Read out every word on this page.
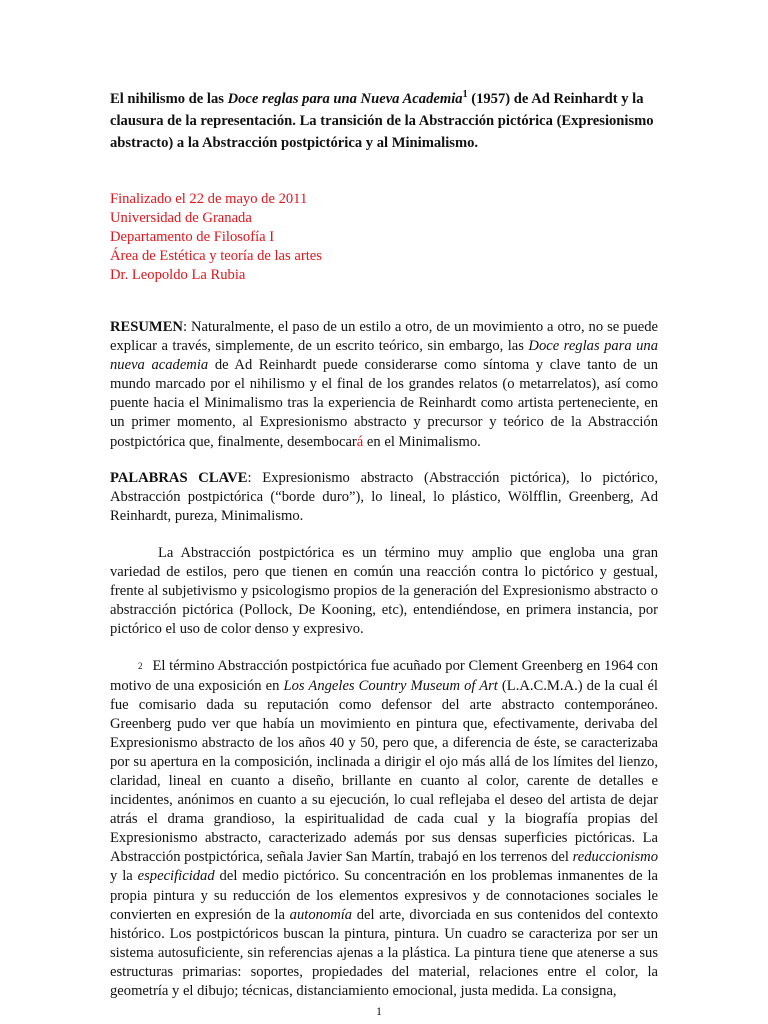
El nihilismo de las Doce reglas para una Nueva Academia$^1$ (1957) de Ad Reinhardt y la clausura de la representación. La transición de la Abstracción pictórica (Expresionismo abstracto) a la Abstracción postpictórica y al Minimalismo.
Finalizado el 22 de mayo de 2011
Universidad de Granada
Departamento de Filosofía I
Área de Estética y teoría de las artes
Dr. Leopoldo La Rubia

RESUMEN: Naturalmente, el paso de un estilo a otro, de un movimiento a otro, no se puede explicar a través, simplemente, de un escrito teórico, sin embargo, las Doce reglas para una nueva academia de Ad Reinhardt puede considerarse como síntoma y clave tanto de un mundo marcado por el nihilismo y el final de los grandes relatos (o metarrelatos), así como puente hacia el Minimalismo tras la experiencia de Reinhardt como artista perteneciente, en un primer momento, al Expresionismo abstracto y precursor y teórico de la Abstracción postpictórica que, finalmente, desembocará en el Minimalismo.

PALABRAS CLAVE: Expresionismo abstracto (Abstracción pictórica), lo pictórico, Abstracción postpictórica (“borde duro”), lo lineal, lo plástico, Wölfflin, Greenberg, Ad Reinhardt, pureza, Minimalismo.

La Abstracción postpictórica es un término muy amplio que engloba una gran variedad de estilos, pero que tienen en común una reacción contra lo pictórico y gestual, frente al subjetivismo y psicologismo propios de la generación del Expresionismo abstracto o abstracción pictórica (Pollock, De Kooning, etc), entendiéndose, en primera instancia, por pictórico el uso de color denso y expresivo.

2 El término Abstracción postpictórica fue acuñado por Clement Greenberg en 1964 con motivo de una exposición en Los Angeles Country Museum of Art (L.A.C.M.A.) de la cual él fue comisario dada su reputación como defensor del arte abstracto contemporáneo. Greenberg pudo ver que había un movimiento en pintura que, efectivamente, derivaba del Expresionismo abstracto de los años 40 y 50, pero que, a diferencia de éste, se caracterizaba por su apertura en la composición, inclinada a dirigir el ojo más allá de los límites del lienzo, claridad, lineal en cuanto a diseño, brillante en cuanto al color, carente de detalles e incidentes, anónimos en cuanto a su ejecución, lo cual reflejaba el deseo del artista de dejar atrás el drama grandioso, la espiritualidad de cada cual y la biografía propias del Expresionismo abstracto, caracterizado además por sus densas superficies pictóricas. La Abstracción postpictórica, señala Javier San Martín, trabajó en los terrenos del reduccionismo y la especificidad del medio pictórico. Su concentración en los problemas inmanentes de la propia pintura y su reducción de los elementos expresivos y de connotaciones sociales le convierten en expresión de la autonomía del arte, divorciada en sus contenidos del contexto histórico. Los postpictóricos buscan la pintura, pintura. Un cuadro se caracteriza por ser un sistema autosuficiente, sin referencias ajenas a la plástica. La pintura tiene que atenerse a sus estructuras primarias: soportes, propiedades del material, relaciones entre el color, la geometría y el dibujo; técnicas, distanciamiento emocional, justa medida. La consigna,

1
